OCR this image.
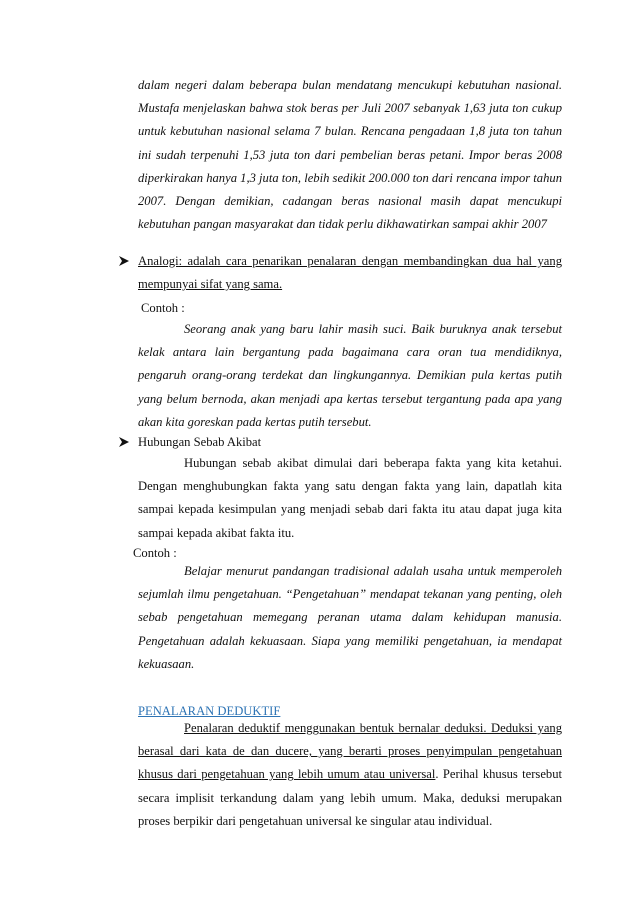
dalam negeri dalam beberapa bulan mendatang mencukupi kebutuhan nasional. Mustafa menjelaskan bahwa stok beras per Juli 2007 sebanyak 1,63 juta ton cukup untuk kebutuhan nasional selama 7 bulan. Rencana pengadaan 1,8 juta ton tahun ini sudah terpenuhi 1,53 juta ton dari pembelian beras petani. Impor beras 2008 diperkirakan hanya 1,3 juta ton, lebih sedikit 200.000 ton dari rencana impor tahun 2007. Dengan demikian, cadangan beras nasional masih dapat mencukupi kebutuhan pangan masyarakat dan tidak perlu dikhawatirkan sampai akhir 2007

Analogi: adalah cara penarikan penalaran dengan membandingkan dua hal yang mempunyai sifat yang sama.

Contoh :

Seorang anak yang baru lahir masih suci. Baik buruknya anak tersebut kelak antara lain bergantung pada bagaimana cara oran tua mendidiknya, pengaruh orang-orang terdekat dan lingkungannya. Demikian pula kertas putih yang belum bernoda, akan menjadi apa kertas tersebut tergantung pada apa yang akan kita goreskan pada kertas putih tersebut.

Hubungan Sebab Akibat

Hubungan sebab akibat dimulai dari beberapa fakta yang kita ketahui. Dengan menghubungkan fakta yang satu dengan fakta yang lain, dapatlah kita sampai kepada kesimpulan yang menjadi sebab dari fakta itu atau dapat juga kita sampai kepada akibat fakta itu.

Contoh :

Belajar menurut pandangan tradisional adalah usaha untuk memperoleh sejumlah ilmu pengetahuan. “Pengetahuan” mendapat tekanan yang penting, oleh sebab pengetahuan memegang peranan utama dalam kehidupan manusia. Pengetahuan adalah kekuasaan. Siapa yang memiliki pengetahuan, ia mendapat kekuasaan.

PENALARAN DEDUKTIF

Penalaran deduktif menggunakan bentuk bernalar deduksi. Deduksi yang berasal dari kata de dan ducere, yang berarti proses penyimpulan pengetahuan khusus dari pengetahuan yang lebih umum atau universal. Perihal khusus tersebut secara implisit terkandung dalam yang lebih umum. Maka, deduksi merupakan proses berpikir dari pengetahuan universal ke singular atau individual.
